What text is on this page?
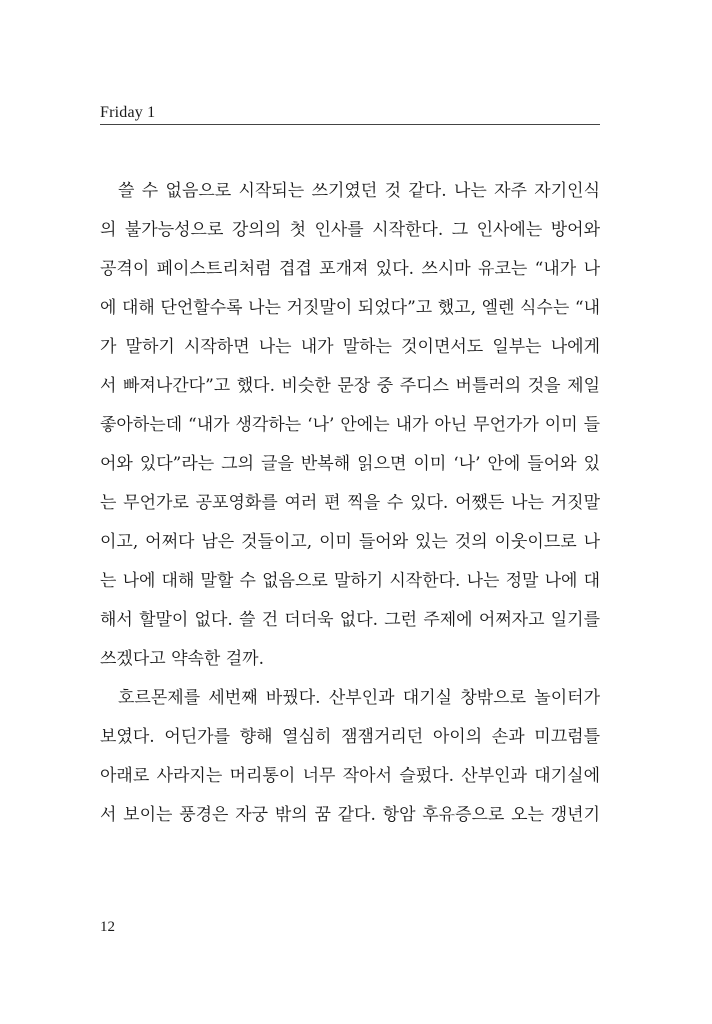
Friday 1
쓸 수 없음으로 시작되는 쓰기였던 것 같다. 나는 자주 자기인식
의 불가능성으로 강의의 첫 인사를 시작한다. 그 인사에는 방어와
공격이 페이스트리처럼 겹겹 포개져 있다. 쓰시마 유코는 “내가 나
에 대해 단언할수록 나는 거짓말이 되었다”고 했고, 엘렌 식수는 “내
가 말하기 시작하면 나는 내가 말하는 것이면서도 일부는 나에게
서 빠져나간다”고 했다. 비슷한 문장 중 주디스 버틀러의 것을 제일
좋아하는데 “내가 생각하는 ‘나’ 안에는 내가 아닌 무언가가 이미 들
어와 있다”라는 그의 글을 반복해 읽으면 이미 ‘나’ 안에 들어와 있
는 무언가로 공포영화를 여러 편 찍을 수 있다. 어쨌든 나는 거짓말
이고, 어쩌다 남은 것들이고, 이미 들어와 있는 것의 이웃이므로 나
는 나에 대해 말할 수 없음으로 말하기 시작한다. 나는 정말 나에 대
해서 할말이 없다. 쓸 건 더더욱 없다. 그런 주제에 어쩌자고 일기를
쓰겠다고 약속한 걸까.
호르몬제를 세번째 바꿨다. 산부인과 대기실 창밖으로 놀이터가
보였다. 어딘가를 향해 열심히 잼잼거리던 아이의 손과 미끄럼틀
아래로 사라지는 머리통이 너무 작아서 슬펐다. 산부인과 대기실에
서 보이는 풍경은 자궁 밖의 꿈 같다. 항암 후유증으로 오는 갱년기
12
